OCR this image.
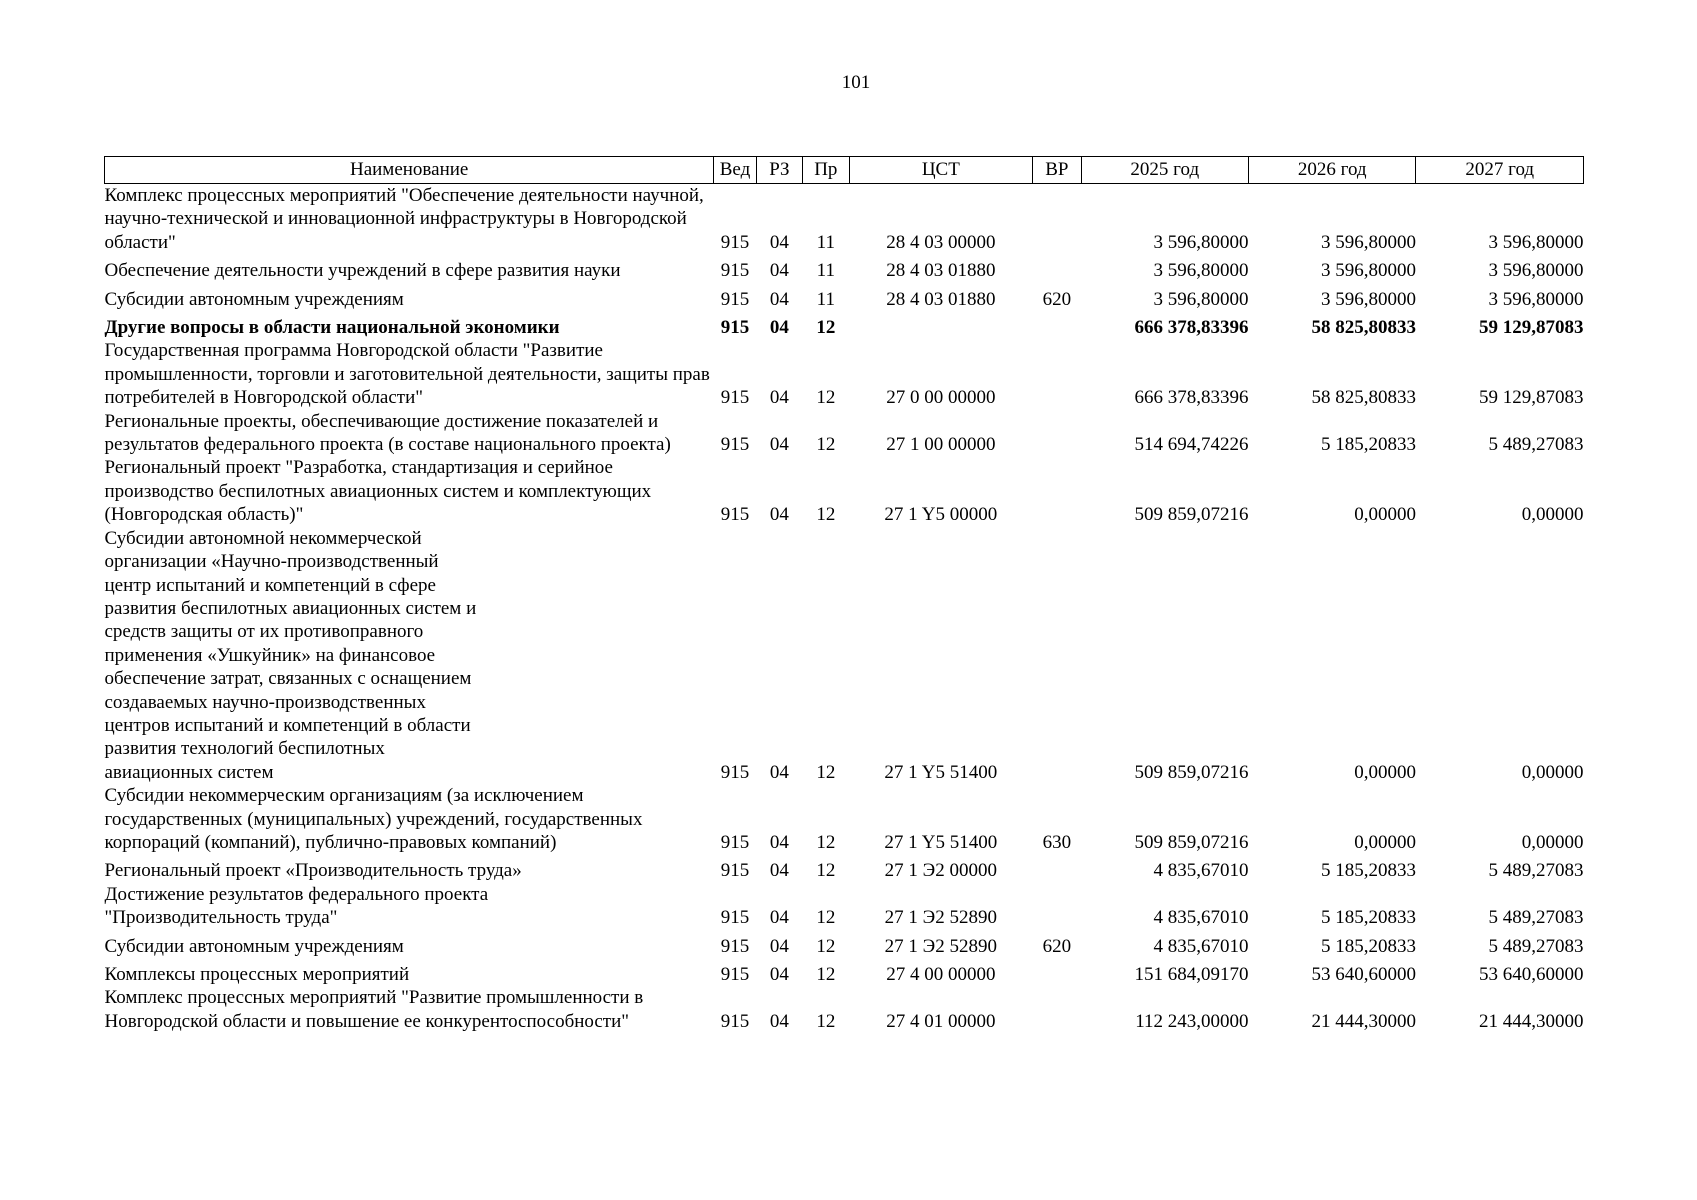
101
Наименование	Вед	РЗ	Пр	ЦСТ	ВР	2025 год	2026 год	2027 год
Комплекс процессных мероприятий "Обеспечение деятельности научной, научно-технической и инновационной инфраструктуры в Новгородской области"	915	04	11	28 4 03 00000		3 596,80000	3 596,80000	3 596,80000
Обеспечение деятельности учреждений в сфере развития науки	915	04	11	28 4 03 01880		3 596,80000	3 596,80000	3 596,80000
Субсидии автономным учреждениям	915	04	11	28 4 03 01880	620	3 596,80000	3 596,80000	3 596,80000
Другие вопросы в области национальной экономики	915	04	12			666 378,83396	58 825,80833	59 129,87083
Государственная программа Новгородской области "Развитие промышленности, торговли и заготовительной деятельности, защиты прав потребителей в Новгородской области"	915	04	12	27 0 00 00000		666 378,83396	58 825,80833	59 129,87083
Региональные проекты, обеспечивающие достижение показателей и результатов федерального проекта (в составе национального проекта)	915	04	12	27 1 00 00000		514 694,74226	5 185,20833	5 489,27083
Региональный проект "Разработка, стандартизация и серийное производство беспилотных авиационных систем и комплектующих (Новгородская область)"	915	04	12	27 1 Y5 00000		509 859,07216	0,00000	0,00000

Субсидии автономной некоммерческой организации «Научно-производственный центр испытаний и компетенций в сфере развития беспилотных авиационных систем и средств защиты от их противоправного применения «Ушкуйник» на финансовое обеспечение затрат, связанных с оснащением создаваемых научно-производственных центров испытаний и компетенций в области развития технологий беспилотных авиационных систем	915	04	12	27 1 Y5 51400		509 859,07216	0,00000	0,00000
Субсидии некоммерческим организациям (за исключением государственных (муниципальных) учреждений, государственных корпораций (компаний), публично-правовых компаний)	915	04	12	27 1 Y5 51400	630	509 859,07216	0,00000	0,00000
Региональный проект «Производительность труда»	915	04	12	27 1 Э2 00000		4 835,67010	5 185,20833	5 489,27083

Достижение результатов федерального проекта "Производительность труда"	915	04	12	27 1 Э2 52890		4 835,67010	5 185,20833	5 489,27083
Субсидии автономным учреждениям	915	04	12	27 1 Э2 52890	620	4 835,67010	5 185,20833	5 489,27083
Комплексы процессных мероприятий	915	04	12	27 4 00 00000		151 684,09170	53 640,60000	53 640,60000
Комплекс процессных мероприятий "Развитие промышленности в Новгородской области и повышение ее конкурентоспособности"	915	04	12	27 4 01 00000		112 243,00000	21 444,30000	21 444,30000
